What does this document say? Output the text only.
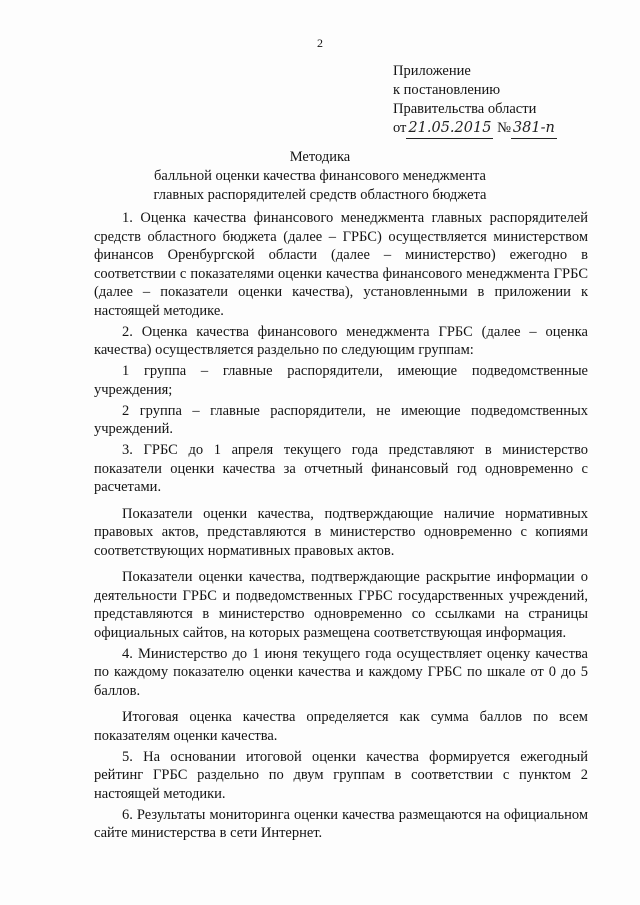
2
Приложение
к постановлению
Правительства области
от 21.05.2015 № 381-п
Методика
балльной оценки качества финансового менеджмента
главных распорядителей средств областного бюджета

1. Оценка качества финансового менеджмента главных распорядителей средств областного бюджета (далее – ГРБС) осуществляется министерством финансов Оренбургской области (далее – министерство) ежегодно в соответствии с показателями оценки качества финансового менеджмента ГРБС (далее – показатели оценки качества), установленными в приложении к настоящей методике.

2. Оценка качества финансового менеджмента ГРБС (далее – оценка качества) осуществляется раздельно по следующим группам:

1 группа – главные распорядители, имеющие подведомственные учреждения;

2 группа – главные распорядители, не имеющие подведомственных учреждений.

3. ГРБС до 1 апреля текущего года представляют в министерство показатели оценки качества за отчетный финансовый год одновременно с расчетами.

Показатели оценки качества, подтверждающие наличие нормативных правовых актов, представляются в министерство одновременно с копиями соответствующих нормативных правовых актов.

Показатели оценки качества, подтверждающие раскрытие информации о деятельности ГРБС и подведомственных ГРБС государственных учреждений, представляются в министерство одновременно со ссылками на страницы официальных сайтов, на которых размещена соответствующая информация.

4. Министерство до 1 июня текущего года осуществляет оценку качества по каждому показателю оценки качества и каждому ГРБС по шкале от 0 до 5 баллов.

Итоговая оценка качества определяется как сумма баллов по всем показателям оценки качества.

5. На основании итоговой оценки качества формируется ежегодный рейтинг ГРБС раздельно по двум группам в соответствии с пунктом 2 настоящей методики.

6. Результаты мониторинга оценки качества размещаются на официальном сайте министерства в сети Интернет.
